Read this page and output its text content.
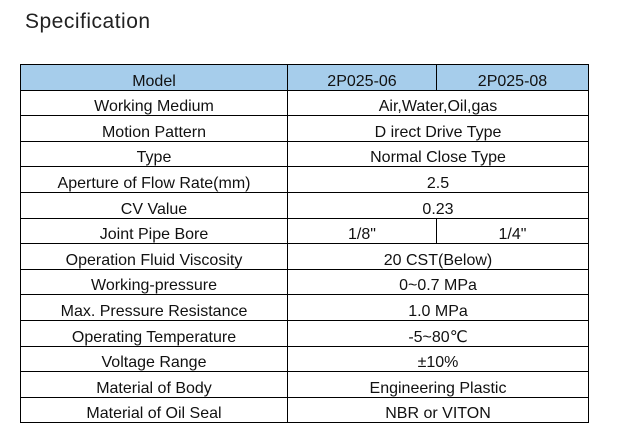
Specification
Model	2P025-06	2P025-08
Working Medium	Air,Water,Oil,gas	
Motion Pattern	D irect Drive Type	
Type	Normal Close Type	
Aperture of Flow Rate(mm)	2.5	
CV Value	0.23	
Joint Pipe Bore	1/8"	1/4"
Operation Fluid Viscosity	20 CST(Below)	
Working-pressure	0~0.7 MPa	
Max. Pressure Resistance	1.0 MPa	
Operating Temperature	-5~80℃	
Voltage Range	±10%	
Material of Body	Engineering Plastic	
Material of Oil Seal	NBR or VITON	
